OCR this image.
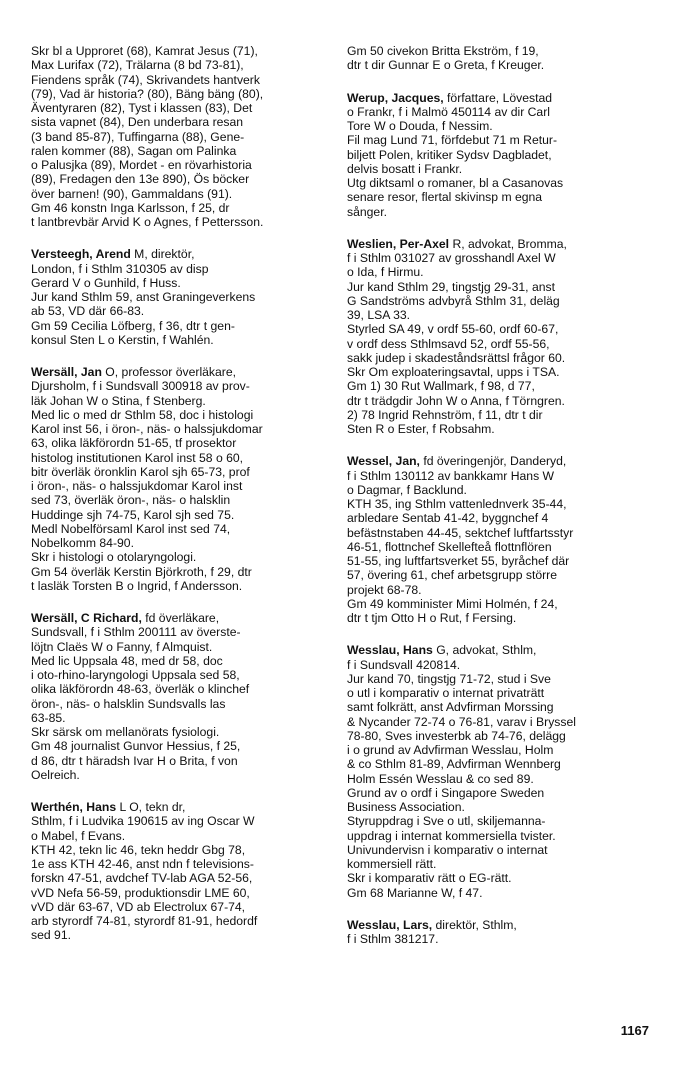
Skr bl a Upproret (68), Kamrat Jesus (71),
Max Lurifax (72), Trälarna (8 bd 73-81),
Fiendens språk (74), Skrivandets hantverk
(79), Vad är historia? (80), Bäng bäng (80),
Äventyraren (82), Tyst i klassen (83), Det
sista vapnet (84), Den underbara resan
(3 band 85-87), Tuffingarna (88), Gene-
ralen kommer (88), Sagan om Palinka
o Palusjka (89), Mordet - en rövarhistoria
(89), Fredagen den 13e 890), Ös böcker
över barnen! (90), Gammaldans (91).
Gm 46 konstn Inga Karlsson, f 25, dr
t lantbrevbär Arvid K o Agnes, f Pettersson.
Versteegh, Arend M, direktör,
London, f i Sthlm 310305 av disp
Gerard V o Gunhild, f Huss.
Jur kand Sthlm 59, anst Graningeverkens
ab 53, VD där 66-83.
Gm 59 Cecilia Löfberg, f 36, dtr t gen-
konsul Sten L o Kerstin, f Wahlén.
Wersäll, Jan O, professor överläkare,
Djursholm, f i Sundsvall 300918 av prov-
läk Johan W o Stina, f Stenberg.
Med lic o med dr Sthlm 58, doc i histologi
Karol inst 56, i öron-, näs- o halssjukdomar
63, olika läkförordn 51-65, tf prosektor
histolog institutionen Karol inst 58 o 60,
bitr överläk öronklin Karol sjh 65-73, prof
i öron-, näs- o halssjukdomar Karol inst
sed 73, överläk öron-, näs- o halsklin
Huddinge sjh 74-75, Karol sjh sed 75.
Medl Nobelförsaml Karol inst sed 74,
Nobelkomm 84-90.
Skr i histologi o otolaryngologi.
Gm 54 överläk Kerstin Björkroth, f 29, dtr
t lasläk Torsten B o Ingrid, f Andersson.
Wersäll, C Richard, fd överläkare,
Sundsvall, f i Sthlm 200111 av överste-
löjtn Claës W o Fanny, f Almquist.
Med lic Uppsala 48, med dr 58, doc
i oto-rhino-laryngologi Uppsala sed 58,
olika läkförordn 48-63, överläk o klinchef
öron-, näs- o halsklin Sundsvalls las
63-85.
Skr särsk om mellanörats fysiologi.
Gm 48 journalist Gunvor Hessius, f 25,
d 86, dtr t häradsh Ivar H o Brita, f von
Oelreich.
Werthén, Hans L O, tekn dr,
Sthlm, f i Ludvika 190615 av ing Oscar W
o Mabel, f Evans.
KTH 42, tekn lic 46, tekn heddr Gbg 78,
1e ass KTH 42-46, anst ndn f televisions-
forskn 47-51, avdchef TV-lab AGA 52-56,
vVD Nefa 56-59, produktionsdir LME 60,
vVD där 63-67, VD ab Electrolux 67-74,
arb styrordf 74-81, styrordf 81-91, hedordf
sed 91.
Gm 50 civekon Britta Ekström, f 19,
dtr t dir Gunnar E o Greta, f Kreuger.
Werup, Jacques, författare, Lövestad
o Frankr, f i Malmö 450114 av dir Carl
Tore W o Douda, f Nessim.
Fil mag Lund 71, förfdebut 71 m Retur-
biljett Polen, kritiker Sydsv Dagbladet,
delvis bosatt i Frankr.
Utg diktsaml o romaner, bl a Casanovas
senare resor, flertal skivinsp m egna
sånger.
Weslien, Per-Axel R, advokat, Bromma,
f i Sthlm 031027 av grosshandl Axel W
o Ida, f Hirmu.
Jur kand Sthlm 29, tingstjg 29-31, anst
G Sandströms advbyrå Sthlm 31, deläg
39, LSA 33.
Styrled SA 49, v ordf 55-60, ordf 60-67,
v ordf dess Sthlmsavd 52, ordf 55-56,
sakk judep i skadeståndsrättsl frågor 60.
Skr Om exploateringsavtal, upps i TSA.
Gm 1) 30 Rut Wallmark, f 98, d 77,
dtr t trädgdir John W o Anna, f Törngren.
2) 78 Ingrid Rehnström, f 11, dtr t dir
Sten R o Ester, f Robsahm.
Wessel, Jan, fd överingenjör, Danderyd,
f i Sthlm 130112 av bankkamr Hans W
o Dagmar, f Backlund.
KTH 35, ing Sthlm vattenlednverk 35-44,
arbledare Sentab 41-42, byggnchef 4
befästnstaben 44-45, sektchef luftfartsstyr
46-51, flottnchef Skellefteå flottnflören
51-55, ing luftfartsverket 55, byråchef där
57, övering 61, chef arbetsgrupp större
projekt 68-78.
Gm 49 komminister Mimi Holmén, f 24,
dtr t tjm Otto H o Rut, f Fersing.
Wesslau, Hans G, advokat, Sthlm,
f i Sundsvall 420814.
Jur kand 70, tingstjg 71-72, stud i Sve
o utl i komparativ o internat privaträtt
samt folkrätt, anst Advfirman Morssing
& Nycander 72-74 o 76-81, varav i Bryssel
78-80, Sves investerbk ab 74-76, delägg
i o grund av Advfirman Wesslau, Holm
& co Sthlm 81-89, Advfirman Wennberg
Holm Essén Wesslau & co sed 89.
Grund av o ordf i Singapore Sweden
Business Association.
Styruppdrag i Sve o utl, skiljemanna-
uppdrag i internat kommersiella tvister.
Univundervisn i komparativ o internat
kommersiell rätt.
Skr i komparativ rätt o EG-rätt.
Gm 68 Marianne W, f 47.
Wesslau, Lars, direktör, Sthlm,
f i Sthlm 381217.
1167
